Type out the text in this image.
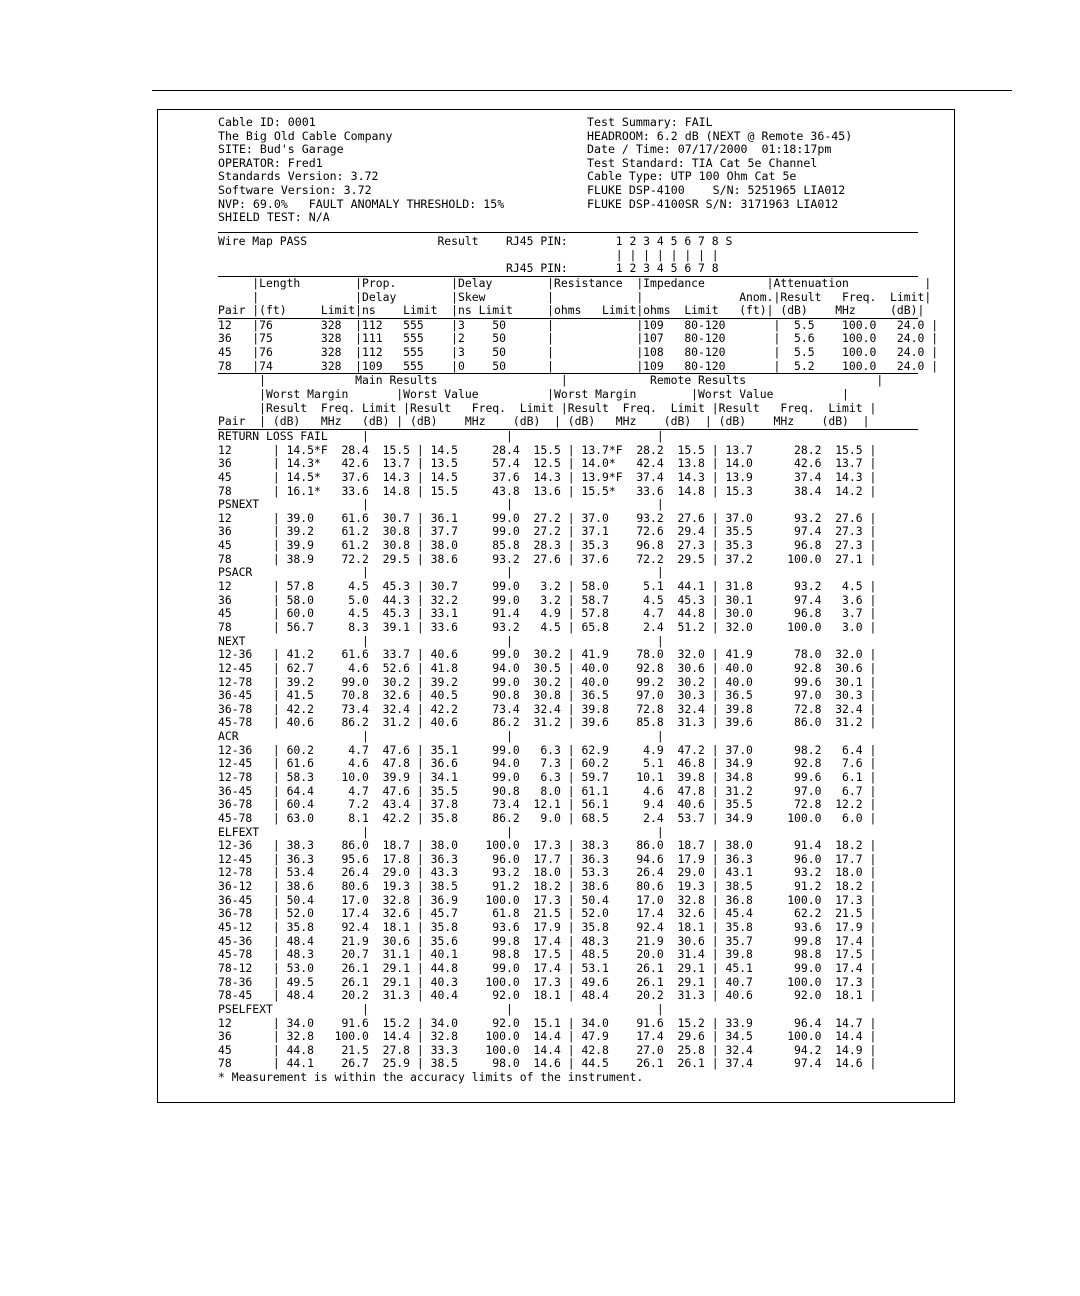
Cable ID: 0001
The Big Old Cable Company
SITE: Bud's Garage
OPERATOR: Fred1
Standards Version: 3.72
Software Version: 3.72
NVP: 69.0%   FAULT ANOMALY THRESHOLD: 15%
SHIELD TEST: N/A

Test Summary: FAIL
HEADROOM: 6.2 dB (NEXT @ Remote 36-45)
Date / Time: 07/17/2000  01:18:17pm
Test Standard: TIA Cat 5e Channel
Cable Type: UTP 100 Ohm Cat 5e
FLUKE DSP-4100    S/N: 5251965 LIA012
FLUKE DSP-4100SR S/N: 3171963 LIA012

Wire Map PASS                   Result    RJ45 PIN:       1 2 3 4 5 6 7 8 S
| | | | | | | |
RJ45 PIN:       1 2 3 4 5 6 7 8
|Length        |Prop.        |Delay        |Resistance  |Impedance         |Attenuation           |
|              |Delay        |Skew         |            |              Anom.|Result   Freq.  Limit|
Pair |(ft)     Limit|ns    Limit  |ns Limit     |ohms   Limit|ohms  Limit   (ft)| (dB)    MHz     (dB)|
12   |76       328  |112   555    |3    50      |            |109   80-120       |  5.5    100.0   24.0 |
36   |75       328  |111   555    |2    50      |            |107   80-120       |  5.6    100.0   24.0 |
45   |76       328  |112   555    |3    50      |            |108   80-120       |  5.5    100.0   24.0 |
78   |74       328  |109   555    |0    50      |            |109   80-120       |  5.2    100.0   24.0 |
|             Main Results                  |            Remote Results                   |
|Worst Margin       |Worst Value          |Worst Margin        |Worst Value          |
|Result  Freq. Limit |Result   Freq.  Limit |Result  Freq.  Limit |Result   Freq.  Limit |
Pair  | (dB)   MHz   (dB) | (dB)    MHz    (dB)  | (dB)   MHz    (dB)  | (dB)    MHz    (dB)  |
RETURN LOSS FAIL     |                    |                     |
12      | 14.5*F  28.4  15.5 | 14.5     28.4  15.5 | 13.7*F  28.2  15.5 | 13.7      28.2  15.5 |
36      | 14.3*   42.6  13.7 | 13.5     57.4  12.5 | 14.0*   42.4  13.8 | 14.0      42.6  13.7 |
45      | 14.5*   37.6  14.3 | 14.5     37.6  14.3 | 13.9*F  37.4  14.3 | 13.9      37.4  14.3 |
78      | 16.1*   33.6  14.8 | 15.5     43.8  13.6 | 15.5*   33.6  14.8 | 15.3      38.4  14.2 |
PSNEXT               |                    |                     |
12      | 39.0    61.6  30.7 | 36.1     99.0  27.2 | 37.0    93.2  27.6 | 37.0      93.2  27.6 |
36      | 39.2    61.2  30.8 | 37.7     99.0  27.2 | 37.1    72.6  29.4 | 35.5      97.4  27.3 |
45      | 39.9    61.2  30.8 | 38.0     85.8  28.3 | 35.3    96.8  27.3 | 35.3      96.8  27.3 |
78      | 38.9    72.2  29.5 | 38.6     93.2  27.6 | 37.6    72.2  29.5 | 37.2     100.0  27.1 |
PSACR                |                    |                     |
12      | 57.8     4.5  45.3 | 30.7     99.0   3.2 | 58.0     5.1  44.1 | 31.8      93.2   4.5 |
36      | 58.0     5.0  44.3 | 32.2     99.0   3.2 | 58.7     4.5  45.3 | 30.1      97.4   3.6 |
45      | 60.0     4.5  45.3 | 33.1     91.4   4.9 | 57.8     4.7  44.8 | 30.0      96.8   3.7 |
78      | 56.7     8.3  39.1 | 33.6     93.2   4.5 | 65.8     2.4  51.2 | 32.0     100.0   3.0 |
NEXT                 |                    |                     |
12-36   | 41.2    61.6  33.7 | 40.6     99.0  30.2 | 41.9    78.0  32.0 | 41.9      78.0  32.0 |
12-45   | 62.7     4.6  52.6 | 41.8     94.0  30.5 | 40.0    92.8  30.6 | 40.0      92.8  30.6 |
12-78   | 39.2    99.0  30.2 | 39.2     99.0  30.2 | 40.0    99.2  30.2 | 40.0      99.6  30.1 |
36-45   | 41.5    70.8  32.6 | 40.5     90.8  30.8 | 36.5    97.0  30.3 | 36.5      97.0  30.3 |
36-78   | 42.2    73.4  32.4 | 42.2     73.4  32.4 | 39.8    72.8  32.4 | 39.8      72.8  32.4 |
45-78   | 40.6    86.2  31.2 | 40.6     86.2  31.2 | 39.6    85.8  31.3 | 39.6      86.0  31.2 |
ACR                  |                    |                     |
12-36   | 60.2     4.7  47.6 | 35.1     99.0   6.3 | 62.9     4.9  47.2 | 37.0      98.2   6.4 |
12-45   | 61.6     4.6  47.8 | 36.6     94.0   7.3 | 60.2     5.1  46.8 | 34.9      92.8   7.6 |
12-78   | 58.3    10.0  39.9 | 34.1     99.0   6.3 | 59.7    10.1  39.8 | 34.8      99.6   6.1 |
36-45   | 64.4     4.7  47.6 | 35.5     90.8   8.0 | 61.1     4.6  47.8 | 31.2      97.0   6.7 |
36-78   | 60.4     7.2  43.4 | 37.8     73.4  12.1 | 56.1     9.4  40.6 | 35.5      72.8  12.2 |
45-78   | 63.0     8.1  42.2 | 35.8     86.2   9.0 | 68.5     2.4  53.7 | 34.9     100.0   6.0 |
ELFEXT               |                    |                     |
12-36   | 38.3    86.0  18.7 | 38.0    100.0  17.3 | 38.3    86.0  18.7 | 38.0      91.4  18.2 |
12-45   | 36.3    95.6  17.8 | 36.3     96.0  17.7 | 36.3    94.6  17.9 | 36.3      96.0  17.7 |
12-78   | 53.4    26.4  29.0 | 43.3     93.2  18.0 | 53.3    26.4  29.0 | 43.1      93.2  18.0 |
36-12   | 38.6    80.6  19.3 | 38.5     91.2  18.2 | 38.6    80.6  19.3 | 38.5      91.2  18.2 |
36-45   | 50.4    17.0  32.8 | 36.9    100.0  17.3 | 50.4    17.0  32.8 | 36.8     100.0  17.3 |
36-78   | 52.0    17.4  32.6 | 45.7     61.8  21.5 | 52.0    17.4  32.6 | 45.4      62.2  21.5 |
45-12   | 35.8    92.4  18.1 | 35.8     93.6  17.9 | 35.8    92.4  18.1 | 35.8      93.6  17.9 |
45-36   | 48.4    21.9  30.6 | 35.6     99.8  17.4 | 48.3    21.9  30.6 | 35.7      99.8  17.4 |
45-78   | 48.3    20.7  31.1 | 40.1     98.8  17.5 | 48.5    20.0  31.4 | 39.8      98.8  17.5 |
78-12   | 53.0    26.1  29.1 | 44.8     99.0  17.4 | 53.1    26.1  29.1 | 45.1      99.0  17.4 |
78-36   | 49.5    26.1  29.1 | 40.3    100.0  17.3 | 49.6    26.1  29.1 | 40.7     100.0  17.3 |
78-45   | 48.4    20.2  31.3 | 40.4     92.0  18.1 | 48.4    20.2  31.3 | 40.6      92.0  18.1 |
PSELFEXT             |                    |                     |
12      | 34.0    91.6  15.2 | 34.0     92.0  15.1 | 34.0    91.6  15.2 | 33.9      96.4  14.7 |
36      | 32.8   100.0  14.4 | 32.8    100.0  14.4 | 47.9    17.4  29.6 | 34.5     100.0  14.4 |
45      | 44.8    21.5  27.8 | 33.3    100.0  14.4 | 42.8    27.0  25.8 | 32.4      94.2  14.9 |
78      | 44.1    26.7  25.9 | 38.5     98.0  14.6 | 44.5    26.1  26.1 | 37.4      97.4  14.6 |
* Measurement is within the accuracy limits of the instrument.
